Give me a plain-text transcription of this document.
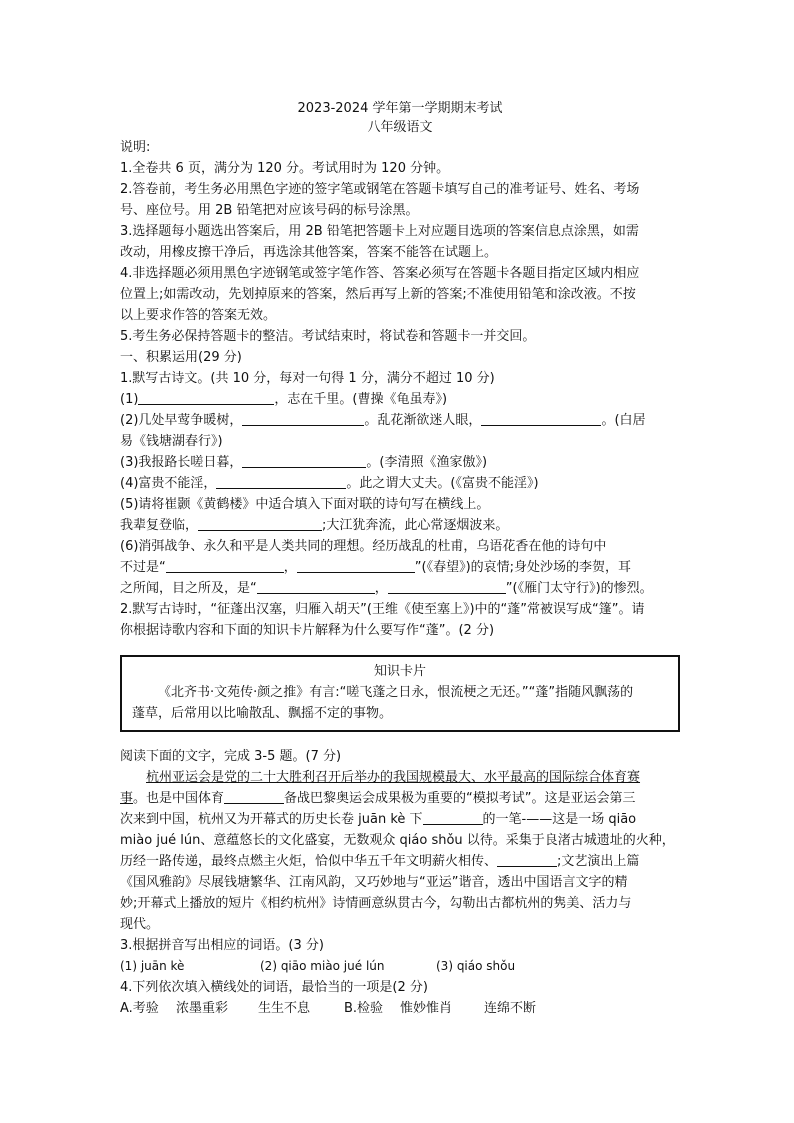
2023-2024 学年第一学期期末考试
八年级语文
说明:
1.全卷共 6 页，满分为 120 分。考试用时为 120 分钟。
2.答卷前，考生务必用黑色字迹的签字笔或钢笔在答题卡填写自己的准考证号、姓名、考场
号、座位号。用 2B 铅笔把对应该号码的标号涂黑。
3.选择题每小题选出答案后，用 2B 铅笔把答题卡上对应题目选项的答案信息点涂黑，如需
改动，用橡皮擦干净后，再选涂其他答案，答案不能答在试题上。
4.非选择题必须用黑色字迹钢笔或签字笔作答、答案必须写在答题卡各题目指定区域内相应
位置上;如需改动，先划掉原来的答案，然后再写上新的答案;不准使用铅笔和涂改液。不按
以上要求作答的答案无效。
5.考生务必保持答题卡的整洁。考试结束时，将试卷和答题卡一并交回。
一、积累运用(29 分)
1.默写古诗文。(共 10 分，每对一句得 1 分，满分不超过 10 分)
(1)	，志在千里。(曹操《龟虽寿》)
(2)几处早莺争暖树，	。乱花渐欲迷人眼，	。(白居
易《钱塘湖春行》)
(3)我报路长嗟日暮，	。(李清照《渔家傲》)
(4)富贵不能淫，	。此之谓大丈夫。(《富贵不能淫》)
(5)请将崔颢《黄鹤楼》中适合填入下面对联的诗句写在横线上。
我辈复登临，	;大江犹奔流，此心常逐烟波来。
(6)消弭战争、永久和平是人类共同的理想。经历战乱的杜甫，乌语花香在他的诗句中
不过是“	，	”(《春望》)的哀情;身处沙场的李贺，耳
之所闻，目之所及，是“	，	”(《雁门太守行》)的惨烈。
2.默写古诗时，“征蓬出汉塞，归雁入胡天”(王维《使至塞上》)中的“蓬”常被误写成“篷”。请
你根据诗歌内容和下面的知识卡片解释为什么要写作“蓬”。(2 分)
知识卡片
《北齐书·文苑传·颜之推》有言:“嗟飞蓬之日永，恨流梗之无还。”“蓬”指随风飘荡的
蓬草，后常用以比喻散乱、飘摇不定的事物。
阅读下面的文字，完成 3-5 题。(7 分)
杭州亚运会是党的二十大胜利召开后举办的我国规模最大、水平最高的国际综合体育赛
事。也是中国体育	备战巴黎奥运会成果极为重要的“模拟考试”。这是亚运会第三
次来到中国，杭州又为开幕式的历史长卷 juān kè 下	的一笔-——这是一场 qiāo
miào jué lún、意蕴悠长的文化盛宴，无数观众 qiáo shǒu 以待。采集于良渚古城遗址的火种，
历经一路传递，最终点燃主火炬，恰似中华五千年文明薪火相传、	;文艺演出上篇
《国风雅韵》尽展钱塘繁华、江南风韵，又巧妙地与“亚运”谐音，透出中国语言文字的精
妙;开幕式上播放的短片《相约杭州》诗情画意纵贯古今，勾勒出古都杭州的隽美、活力与
现代。
3.根据拼音写出相应的词语。(3 分)
(1) juān kè	(2) qiāo miào jué lún	(3) qiáo shǒu
4.下列依次填入横线处的词语，最恰当的一项是(2 分)
A.考验 浓墨重彩 生生不息	B.检验 惟妙惟肖 连绵不断
